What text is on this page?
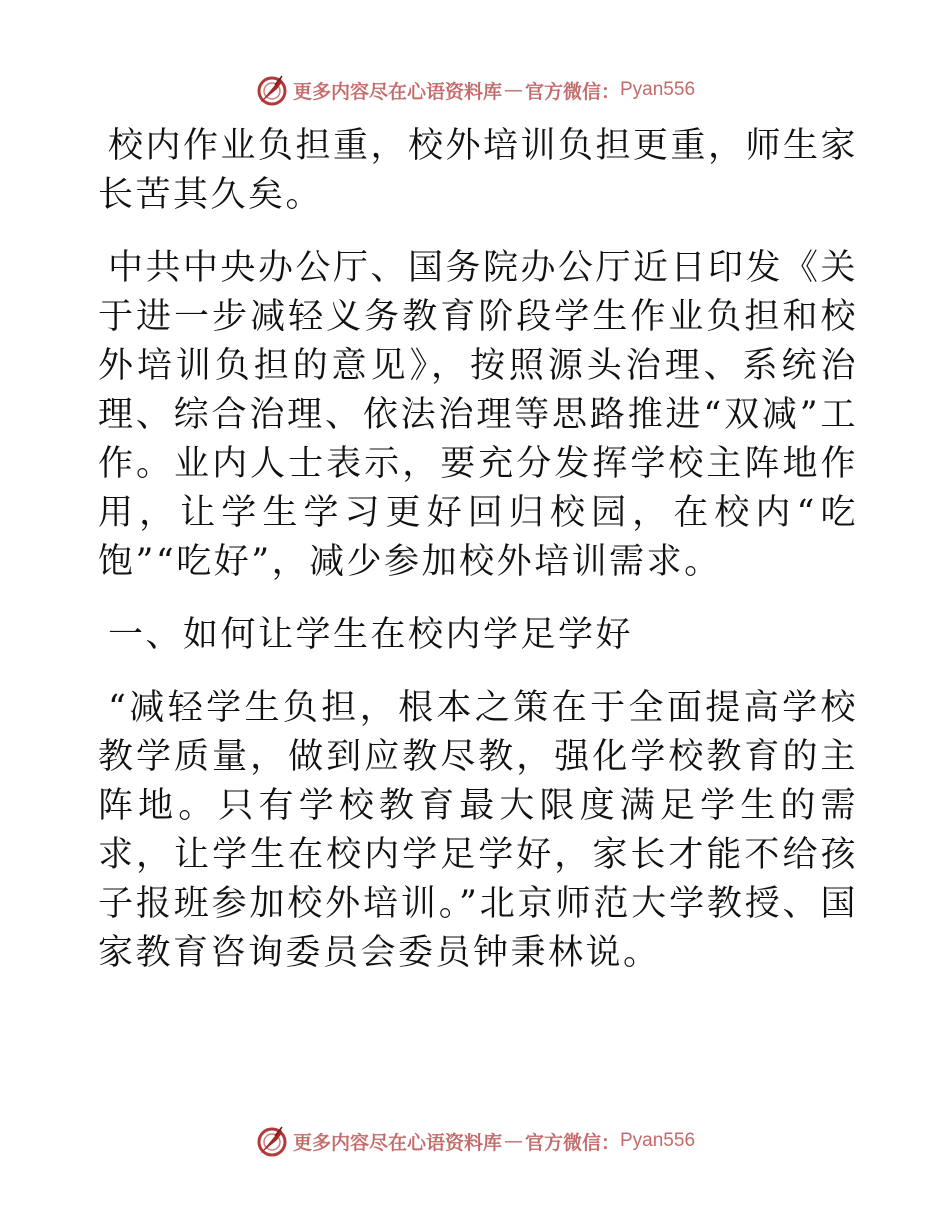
更多内容尽在心语资料库 — 官方微信： Pyan556

校内作业负担重，校外培训负担更重，师生家长苦其久矣。

中共中央办公厅、国务院办公厅近日印发《关于进一步减轻义务教育阶段学生作业负担和校外培训负担的意见》，按照源头治理、系统治理、综合治理、依法治理等思路推进“双减”工作。业内人士表示，要充分发挥学校主阵地作用，让学生学习更好回归校园，在校内“吃饱”“吃好”，减少参加校外培训需求。

一、如何让学生在校内学足学好

“减轻学生负担，根本之策在于全面提高学校教学质量，做到应教尽教，强化学校教育的主阵地。只有学校教育最大限度满足学生的需求，让学生在校内学足学好，家长才能不给孩子报班参加校外培训。”北京师范大学教授、国家教育咨询委员会委员钟秉林说。

更多内容尽在心语资料库 — 官方微信： Pyan556
